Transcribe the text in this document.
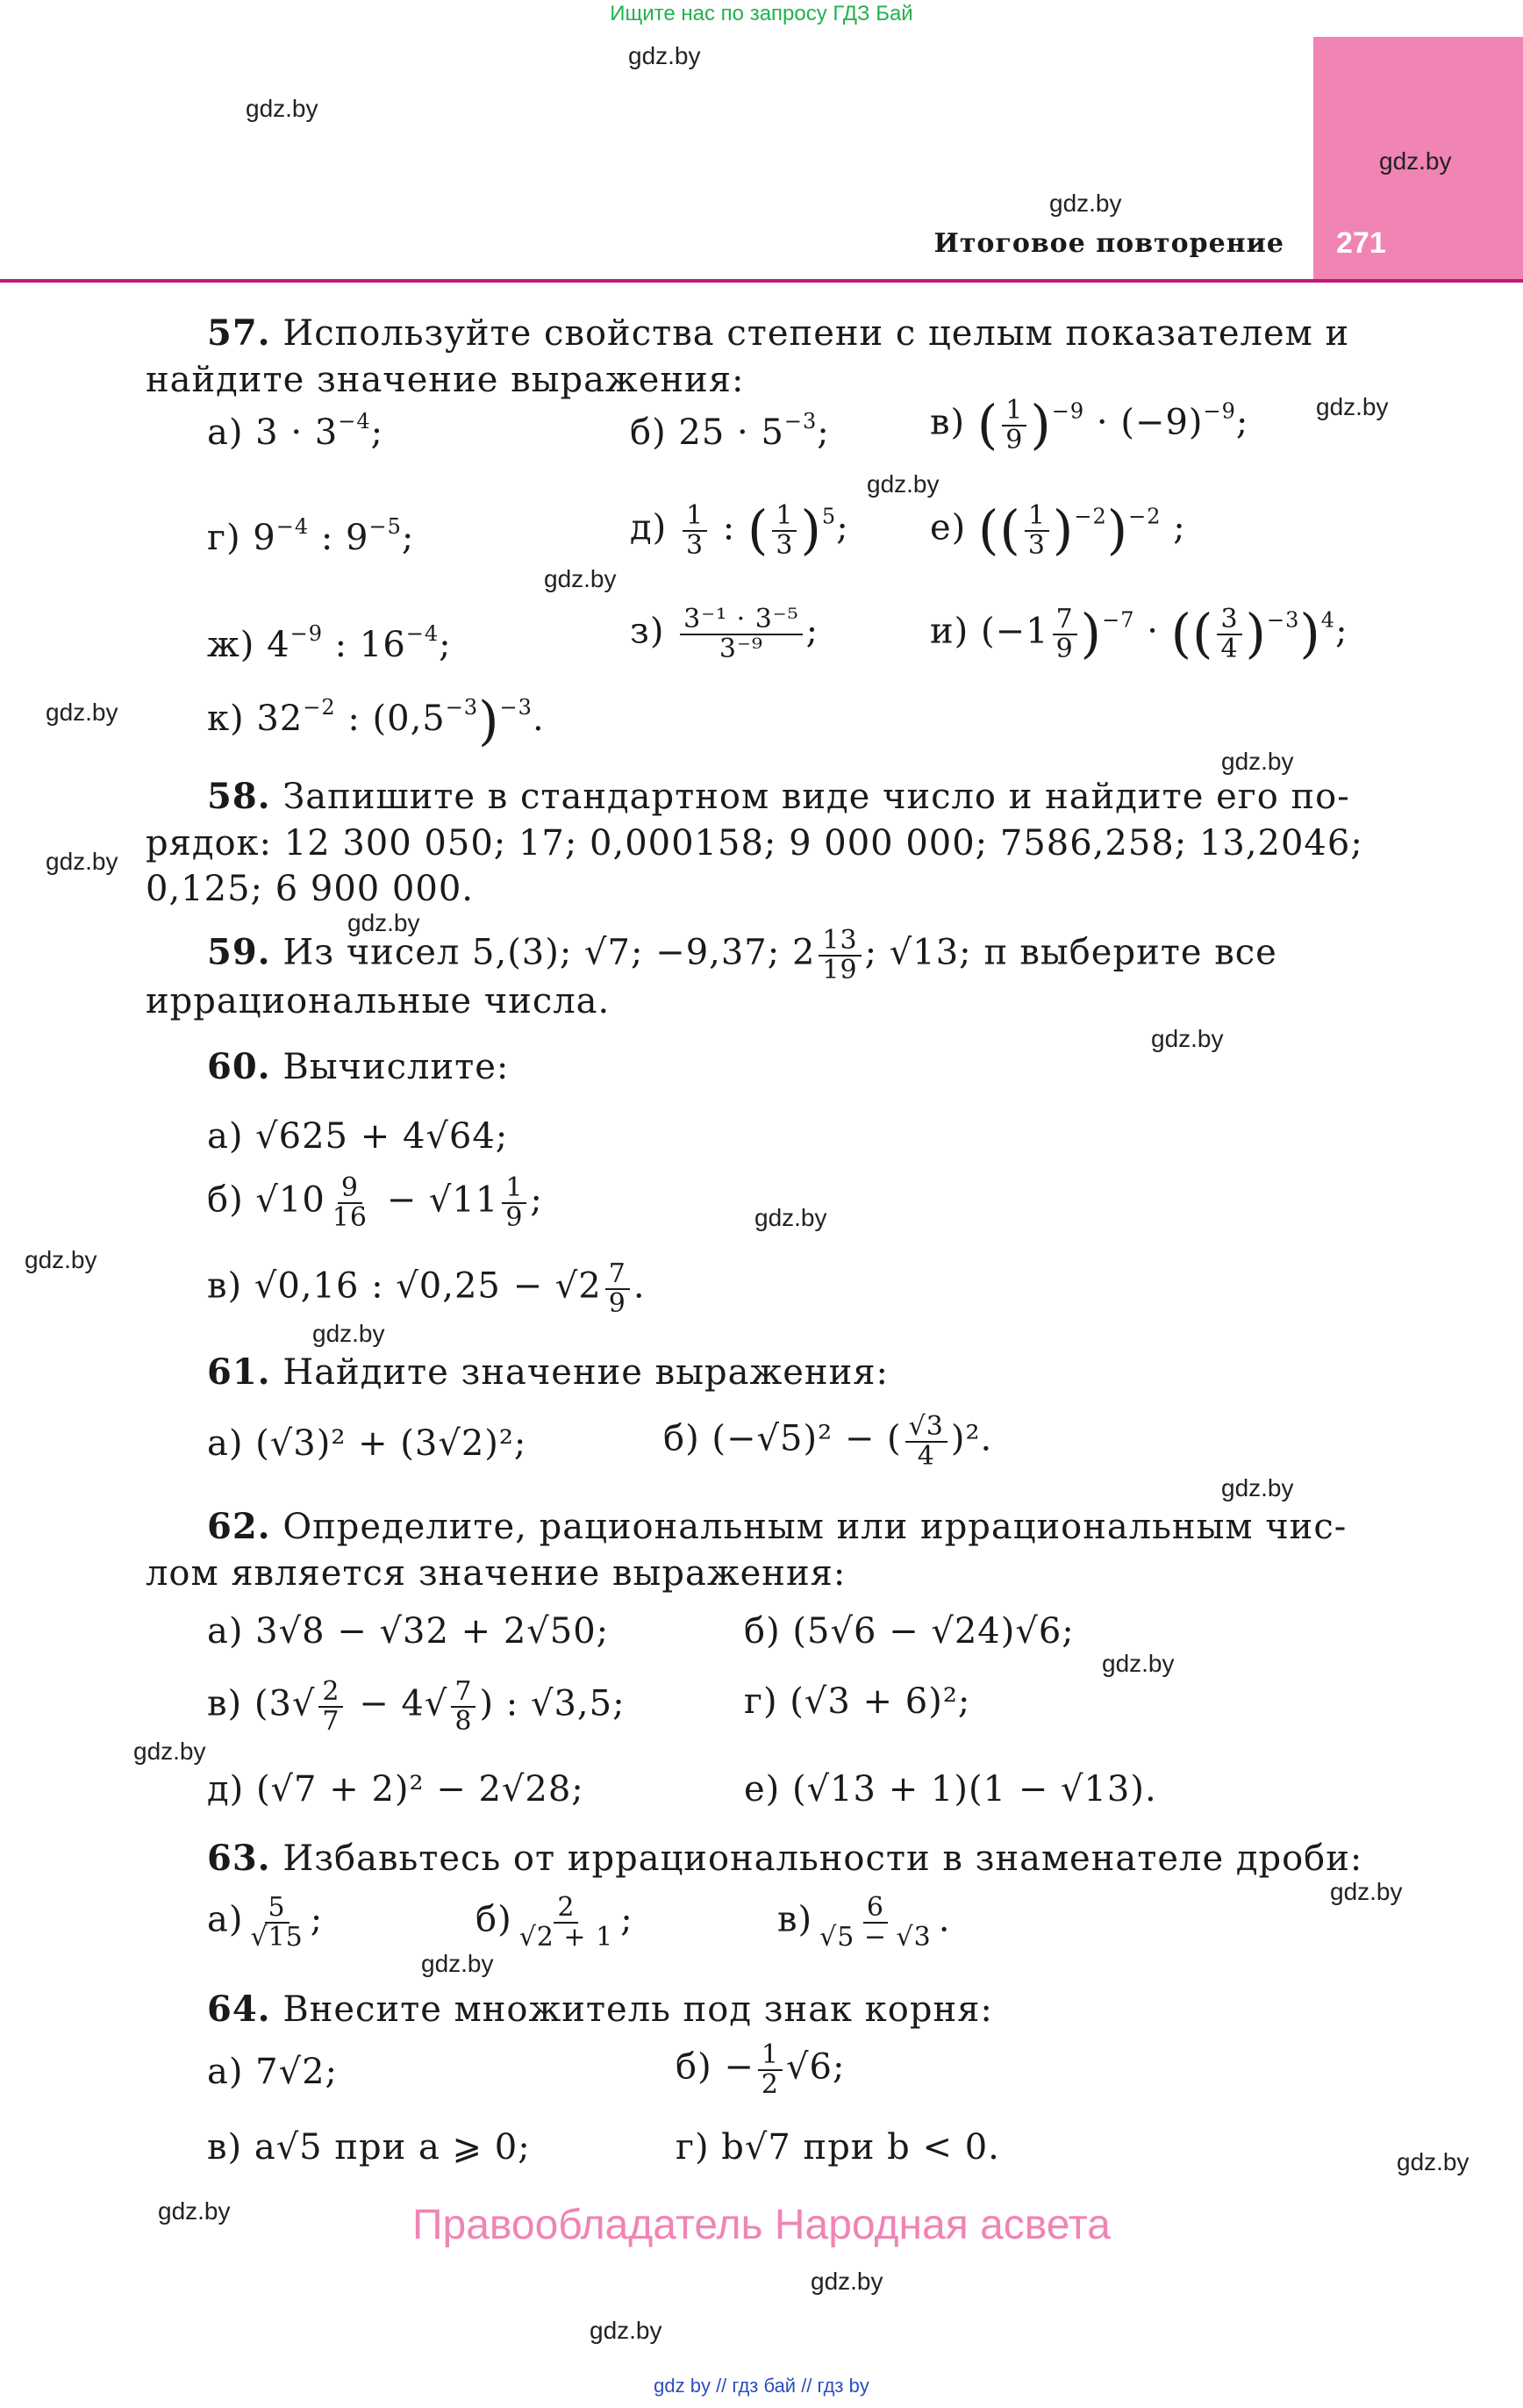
Ищите нас по запросу ГДЗ Бай
271
Итоговое повторение
gdz.by
gdz.by
gdz.by
gdz.by
gdz.by
gdz.by
gdz.by
gdz.by
gdz.by
gdz.by
gdz.by
gdz.by
gdz.by
gdz.by
gdz.by
gdz.by
gdz.by
gdz.by
gdz.by
gdz.by
gdz.by
gdz.by
gdz.by
gdz.by
57. Используйте свойства степени с целым показателем и
найдите значение выражения:
а) $3 \cdot 3^{-4}$;	б) $25 \cdot 5^{-3}$;	в) ( $\frac{1}{9} )^{-9} \cdot (-9)^{-9}$;
г) $9^{-4}$ : $9^{-5}$;	$д) \frac{1}{3}$ : ( $\frac{1}{3} )^5$; е) (( $\frac{1}{3} )^{-2})^{-2}$ ;
ж) $4^{-9}$ : $16^{-4}$;	$з) \frac{\text{3⁻¹ · 3⁻⁵}}{\text{3⁻⁹}}$ ;	и) $(-1 \frac{7}{9} )^{-7}$ · (( $\frac{3}{4} )^{-3})^4$;
к) $32^{-2}$ : $(0,5^{-3})^{-3}$.
58. Запишите в стандартном виде число и найдите его по-
рядок: 12 300 050; 17; 0,000158; 9 000 000; 7586,258; 13,2046;
0,125; 6 900 000.
59. Из чисел 5,(3); √7; −9,37; $2 \frac{13}{19}$ ; √13; π выберите все
иррациональные числа.
60. Вычислите:
а) √625 + 4√64;
б) $√10 \frac{9}{16} - √11 \frac{1}{9}$ ;
в) √0,16 : $√0,25 - √2 \frac{7}{9}$ .
61. Найдите значение выражения:
а) (√3)² + (3√2)²;	б) (−√5)² − ( $\frac{√3}{4} )^2$.
62. Определите, рациональным или иррациональным чис-
лом является значение выражения:
а) 3√8 − √32 + 2√50;	б) (5√6 − √24)√6;
в) ($3√ \frac{2}{7} - 4√ \frac{7}{8}$ ) : √3,5;	г) (√3 + 6)²;
д) (√7 + 2)² − 2√28;	е) (√13 + 1)(1 − √13).
63. Избавьтесь от иррациональности в знаменателе дроби:
$а) \frac{5}{√15}$ ;	$б) \frac{2}{√2 + 1}$ ;	$в) \frac{6}{√5 - √3}$ .
64. Внесите множитель под знак корня:
а) 7√2;	$б) - \frac{1}{2} √6$;
в) a√5 при a ⩾ 0;	г) b√7 при b < 0.
Правообладатель Народная асвета
gdz by // гдз бай // гдз by
